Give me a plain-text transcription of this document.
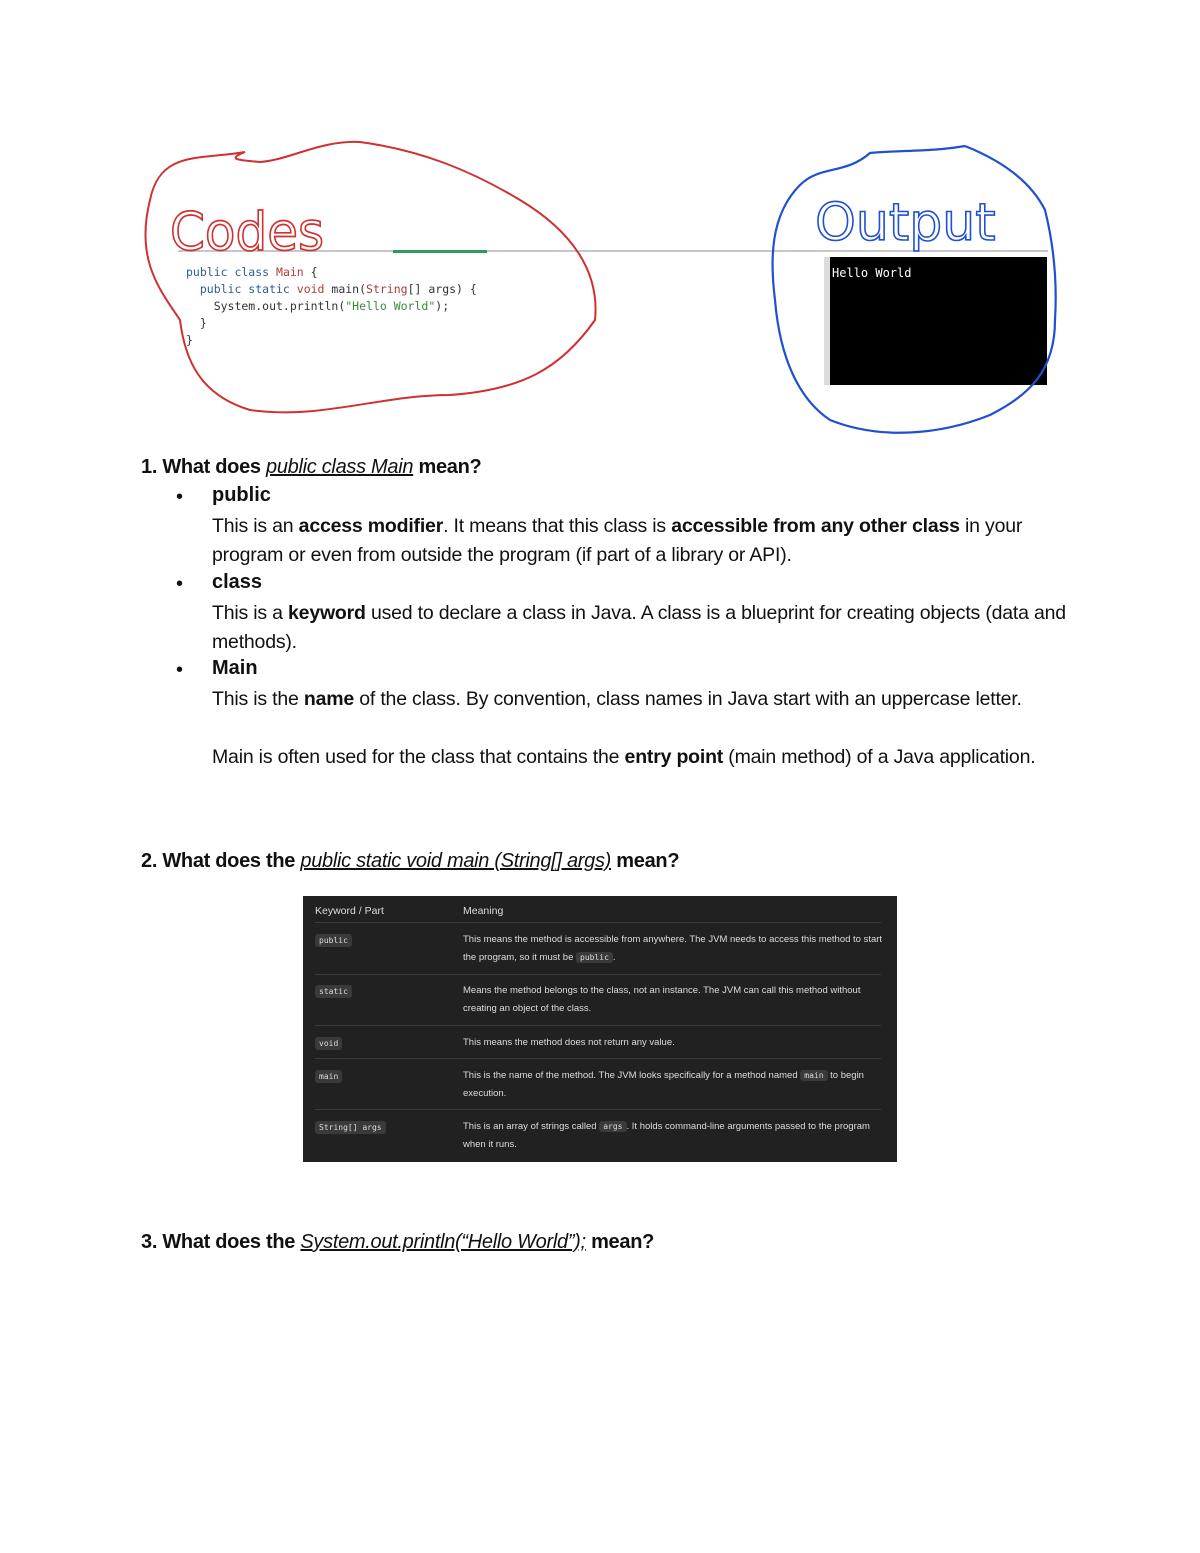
public class Main {
public static void main(String[] args) {
System.out.println("Hello World");
}
}
Hello World
Codes	Output
1. What does public class Main mean?
• public
This is an access modifier. It means that this class is accessible from any other class in your program or even from outside the program (if part of a library or API).
• class
This is a keyword used to declare a class in Java. A class is a blueprint for creating objects (data and methods).
• Main
This is the name of the class. By convention, class names in Java start with an uppercase letter.
Main is often used for the class that contains the entry point (main method) of a Java application.
2. What does the public static void main (String[] args) mean?
Keyword / Part	Meaning
public	This means the method is accessible from anywhere. The JVM needs to access this method to start the program, so it must be public .
static	Means the method belongs to the class, not an instance. The JVM can call this method without creating an object of the class.
void	This means the method does not return any value.
main	This is the name of the method. The JVM looks specifically for a method named main to begin execution.
String[] args	This is an array of strings called args . It holds command-line arguments passed to the program when it runs.
3. What does the System.out.println(“Hello World”); mean?
